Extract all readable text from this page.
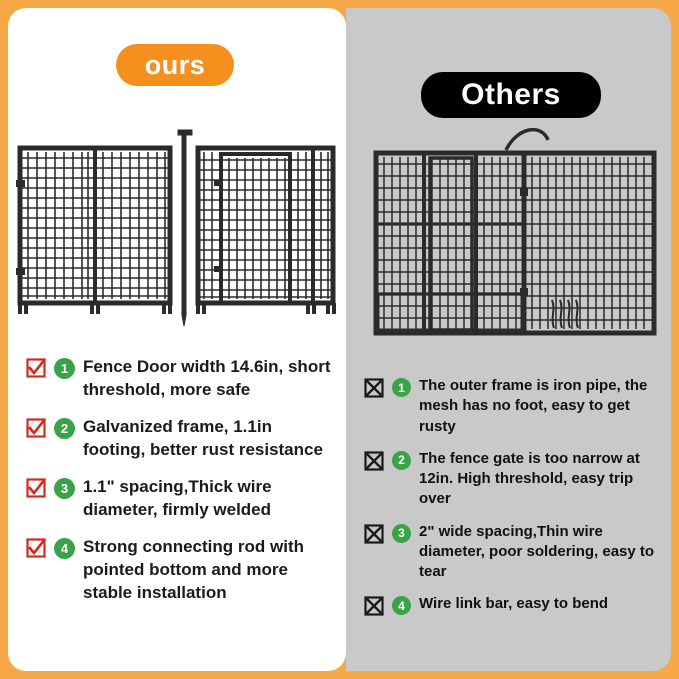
ours
1 Fence Door width 14.6in, short threshold, more safe
2 Galvanized frame, 1.1in footing, better rust resistance
3 1.1" spacing,Thick wire diameter, firmly welded
4 Strong connecting rod with pointed bottom and more stable installation
Others
1 The outer frame is iron pipe, the mesh has no foot, easy to get rusty
2 The fence gate is too narrow at 12in. High threshold, easy trip over
3 2" wide spacing,Thin wire diameter, poor soldering, easy to tear
4 Wire link bar, easy to bend
